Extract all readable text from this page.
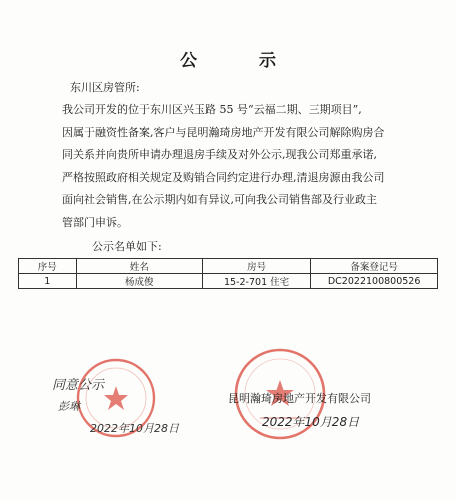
公 示
东川区房管所:

我公司开发的位于东川区兴玉路 55 号“云福二期、三期项目”,

因属于融资性备案,客户与昆明瀚琦房地产开发有限公司解除购房合

同关系并向贵所申请办理退房手续及对外公示,现我公司郑重承诺,

严格按照政府相关规定及购销合同约定进行办理,清退房源由我公司

面向社会销售,在公示期内如有异议,可向我公司销售部及行业政主

管部门申诉。

公示名单如下:
序号	姓名	房号	备案登记号
1	杨成俊	15-2-701 住宅	DC2022100800526
同意公示
彭琳
2022年10月28日
昆明瀚琦房地产开发有限公司
2022年10月28日
